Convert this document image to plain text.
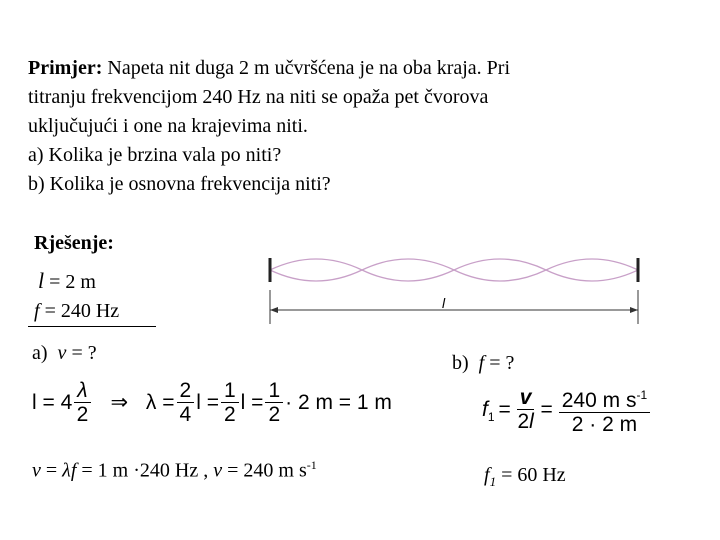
Primjer: Napeta nit duga 2 m učvršćena je na oba kraja. Pri
titranju frekvencijom 240 Hz na niti se opaža pet čvorova
uključujući i one na krajevima niti.
a) Kolika je brzina vala po niti?
b) Kolika je osnovna frekvencija niti?
Rješenje:
l = 2 m
f = 240 Hz
a) v = ?	b) f = ?
l
$l = 4 \frac{\lambda}{2}$ ⇒ $\lambda = \frac{2}{4}$ $l = \frac{1}{2}$ $l = \frac{1}{2} \cdot 2$ m = 1 m
v = λf = 1 m ·240 Hz , v = 240 m $s^{-1}$
$f_1 = \frac{v}{2l} = \frac{240 m s^{-1}}{2 \cdot 2 m}$
$f_1 = 60$ Hz
